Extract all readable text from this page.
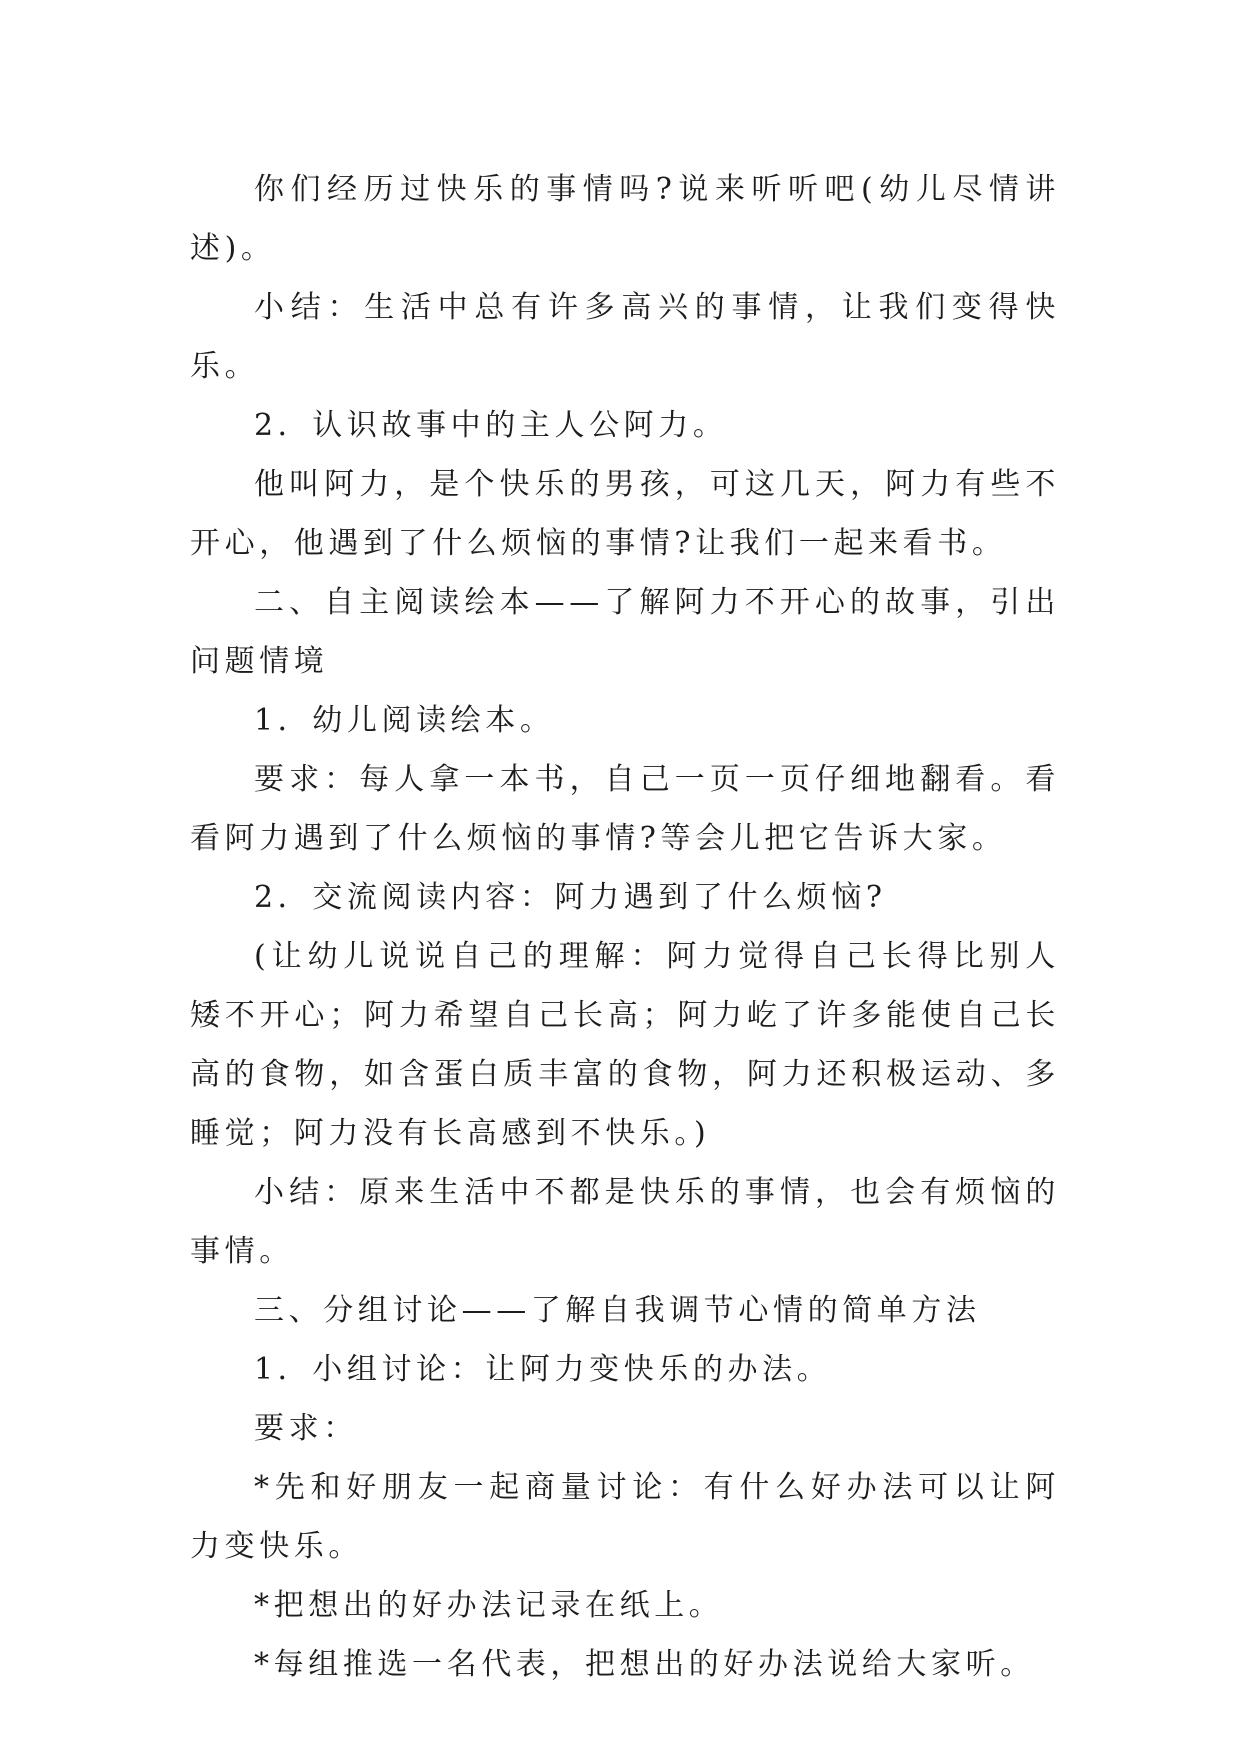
你们经历过快乐的事情吗?说来听听吧(幼儿尽情讲述)。

小结：生活中总有许多高兴的事情，让我们变得快乐。

2．认识故事中的主人公阿力。

他叫阿力，是个快乐的男孩，可这几天，阿力有些不开心，他遇到了什么烦恼的事情?让我们一起来看书。

二、自主阅读绘本——了解阿力不开心的故事，引出问题情境

1．幼儿阅读绘本。

要求：每人拿一本书，自己一页一页仔细地翻看。看看阿力遇到了什么烦恼的事情?等会儿把它告诉大家。

2．交流阅读内容：阿力遇到了什么烦恼?

(让幼儿说说自己的理解：阿力觉得自己长得比别人矮不开心；阿力希望自己长高；阿力屹了许多能使自己长高的食物，如含蛋白质丰富的食物，阿力还积极运动、多睡觉；阿力没有长高感到不快乐。)

小结：原来生活中不都是快乐的事情，也会有烦恼的事情。

三、分组讨论——了解自我调节心情的简单方法

1．小组讨论：让阿力变快乐的办法。

要求：

*先和好朋友一起商量讨论：有什么好办法可以让阿力变快乐。

*把想出的好办法记录在纸上。

*每组推选一名代表，把想出的好办法说给大家听。
